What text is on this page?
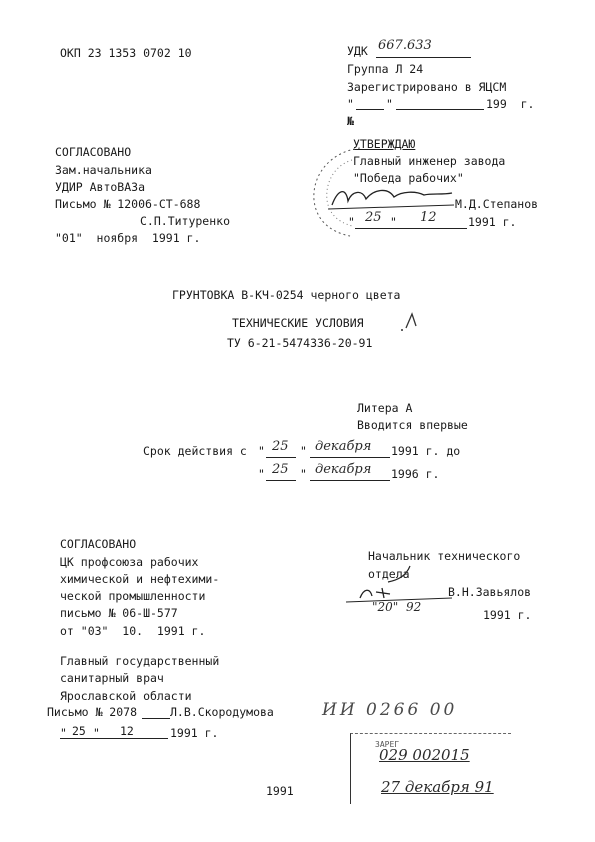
ОКП 23 1353 0702 10	УДК 667.633
Группа Л 24
Зарегистрировано в ЯЦСМ
"	"	199  г.
№
СОГЛАСОВАНО
Зам.начальника
УДИР АвтоВАЗа
Письмо № 12006-СТ-688
С.П.Титуренко
"01"  ноября  1991 г.
УТВЕРЖДАЮ
Главный инженер завода
"Победа рабочих"
М.Д.Степанов
" 25 " 12	1991 г.
ГРУНТОВКА В-КЧ-0254 черного цвета
ТЕХНИЧЕСКИЕ УСЛОВИЯ
ТУ 6-21-5474336-20-91
Литера А
Вводится впервые
Срок действия с " 25 " декабря 1991 г. до
" 25 " декабря 1996 г.
СОГЛАСОВАНО
ЦК профсоюза рабочих
химической и нефтехими-
ческой промышленности
письмо № 06-Ш-577
от "03"  10.  1991 г.
Начальник технического
отдела
В.Н.Завьялов
"20"  92
1991 г.
Главный государственный
санитарный врач
Ярославской области
Письмо № 2078	Л.В.Скородумова
" 25 " 12	1991 г.
ИИ 0266 00
ЗАРЕГ
029 002015
27 декабря 91
1991
